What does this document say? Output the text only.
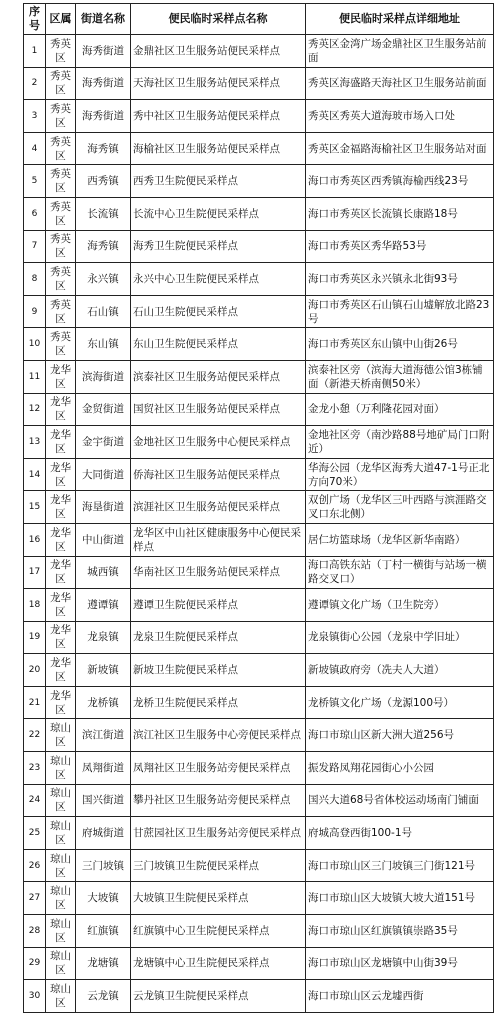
序号	区属	街道名称	便民临时采样点名称	便民临时采样点详细地址
1	秀英区	海秀街道	金鼎社区卫生服务站便民采样点	秀英区金湾广场金鼎社区卫生服务站前面
2	秀英区	海秀街道	天海社区卫生服务站便民采样点	秀英区海盛路天海社区卫生服务站前面
3	秀英区	海秀街道	秀中社区卫生服务站便民采样点	秀英区秀英大道海玻市场入口处
4	秀英区	海秀镇	海榆社区卫生服务站便民采样点	秀英区金福路海榆社区卫生服务站对面
5	秀英区	西秀镇	西秀卫生院便民采样点	海口市秀英区西秀镇海榆西线23号
6	秀英区	长流镇	长流中心卫生院便民采样点	海口市秀英区长流镇长康路18号
7	秀英区	海秀镇	海秀卫生院便民采样点	海口市秀英区秀华路53号
8	秀英区	永兴镇	永兴中心卫生院便民采样点	海口市秀英区永兴镇永北街93号
9	秀英区	石山镇	石山卫生院便民采样点	海口市秀英区石山镇石山墟解放北路23号
10	秀英区	东山镇	东山卫生院便民采样点	海口市秀英区东山镇中山街26号
11	龙华区	滨海街道	滨泰社区卫生服务站便民采样点	滨泰社区旁（滨海大道海德公馆3栋铺面（新港天桥南侧50米）
12	龙华区	金贸街道	国贸社区卫生服务站便民采样点	金龙小憩（万利隆花园对面）
13	龙华区	金宇街道	金地社区卫生服务中心便民采样点	金地社区旁（南沙路88号地矿局门口附近）
14	龙华区	大同街道	侨海社区卫生服务站便民采样点	华海公园（龙华区海秀大道47-1号正北方向70米）
15	龙华区	海垦街道	滨涯社区卫生服务站便民采样点	双创广场（龙华区三叶西路与滨涯路交叉口东北侧）
16	龙华区	中山街道	龙华区中山社区健康服务中心便民采样点	居仁坊篮球场（龙华区新华南路）
17	龙华区	城西镇	华南社区卫生服务站便民采样点	海口高铁东站（丁村一横街与站场一横路交叉口）
18	龙华区	遵谭镇	遵谭卫生院便民采样点	遵谭镇文化广场（卫生院旁）
19	龙华区	龙泉镇	龙泉卫生院便民采样点	龙泉镇街心公园（龙泉中学旧址）
20	龙华区	新坡镇	新坡卫生院便民采样点	新坡镇政府旁（冼夫人大道）
21	龙华区	龙桥镇	龙桥卫生院便民采样点	龙桥镇文化广场（龙源100号）
22	琼山区	滨江街道	滨江社区卫生服务中心旁便民采样点	海口市琼山区新大洲大道256号
23	琼山区	凤翔街道	凤翔社区卫生服务站旁便民采样点	振发路凤翔花园街心小公园
24	琼山区	国兴街道	攀丹社区卫生服务站旁便民采样点	国兴大道68号省体校运动场南门铺面
25	琼山区	府城街道	甘蔗园社区卫生服务站旁便民采样点	府城高登西街100-1号
26	琼山区	三门坡镇	三门坡镇卫生院便民采样点	海口市琼山区三门坡镇三门街121号
27	琼山区	大坡镇	大坡镇卫生院便民采样点	海口市琼山区大坡镇大坡大道151号
28	琼山区	红旗镇	红旗镇中心卫生院便民采样点	海口市琼山区红旗镇镇崇路35号
29	琼山区	龙塘镇	龙塘镇中心卫生院便民采样点	海口市琼山区龙塘镇中山街39号
30	琼山区	云龙镇	云龙镇卫生院便民采样点	海口市琼山区云龙墟西街
